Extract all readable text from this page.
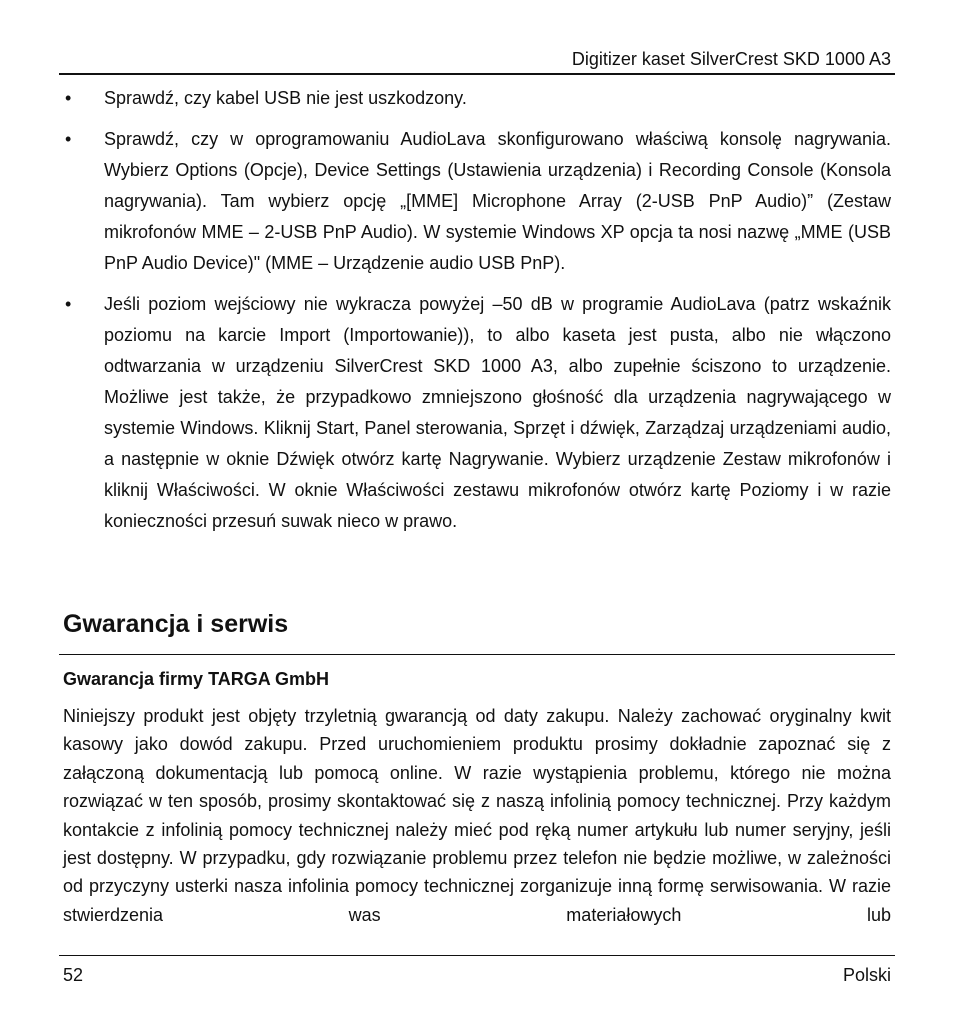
Digitizer kaset SilverCrest SKD 1000 A3
• Sprawdź, czy kabel USB nie jest uszkodzony.
• Sprawdź, czy w oprogramowaniu AudioLava skonfigurowano właściwą konsolę nagrywania. Wybierz Options (Opcje), Device Settings (Ustawienia urządzenia) i Recording Console (Konsola nagrywania). Tam wybierz opcję „[MME] Microphone Array (2-USB PnP Audio)” (Zestaw mikrofonów MME – 2-USB PnP Audio). W systemie Windows XP opcja ta nosi nazwę „MME (USB PnP Audio Device)" (MME – Urządzenie audio USB PnP).
• Jeśli poziom wejściowy nie wykracza powyżej –50 dB w programie AudioLava (patrz wskaźnik poziomu na karcie Import (Importowanie)), to albo kaseta jest pusta, albo nie włączono odtwarzania w urządzeniu SilverCrest SKD 1000 A3, albo zupełnie ściszono to urządzenie. Możliwe jest także, że przypadkowo zmniejszono głośność dla urządzenia nagrywającego w systemie Windows. Kliknij Start, Panel sterowania, Sprzęt i dźwięk, Zarządzaj urządzeniami audio, a następnie w oknie Dźwięk otwórz kartę Nagrywanie. Wybierz urządzenie Zestaw mikrofonów i kliknij Właściwości. W oknie Właściwości zestawu mikrofonów otwórz kartę Poziomy i w razie konieczności przesuń suwak nieco w prawo.
Gwarancja i serwis
Gwarancja firmy TARGA GmbH

Niniejszy produkt jest objęty trzyletnią gwarancją od daty zakupu. Należy zachować oryginalny kwit kasowy jako dowód zakupu. Przed uruchomieniem produktu prosimy dokładnie zapoznać się z załączoną dokumentacją lub pomocą online. W razie wystąpienia problemu, którego nie można rozwiązać w ten sposób, prosimy skontaktować się z naszą infolinią pomocy technicznej. Przy każdym kontakcie z infolinią pomocy technicznej należy mieć pod ręką numer artykułu lub numer seryjny, jeśli jest dostępny. W przypadku, gdy rozwiązanie problemu przez telefon nie będzie możliwe, w zależności od przyczyny usterki nasza infolinia pomocy technicznej zorganizuje inną formę serwisowania. W razie stwierdzenia was materiałowych lub

52	Polski
